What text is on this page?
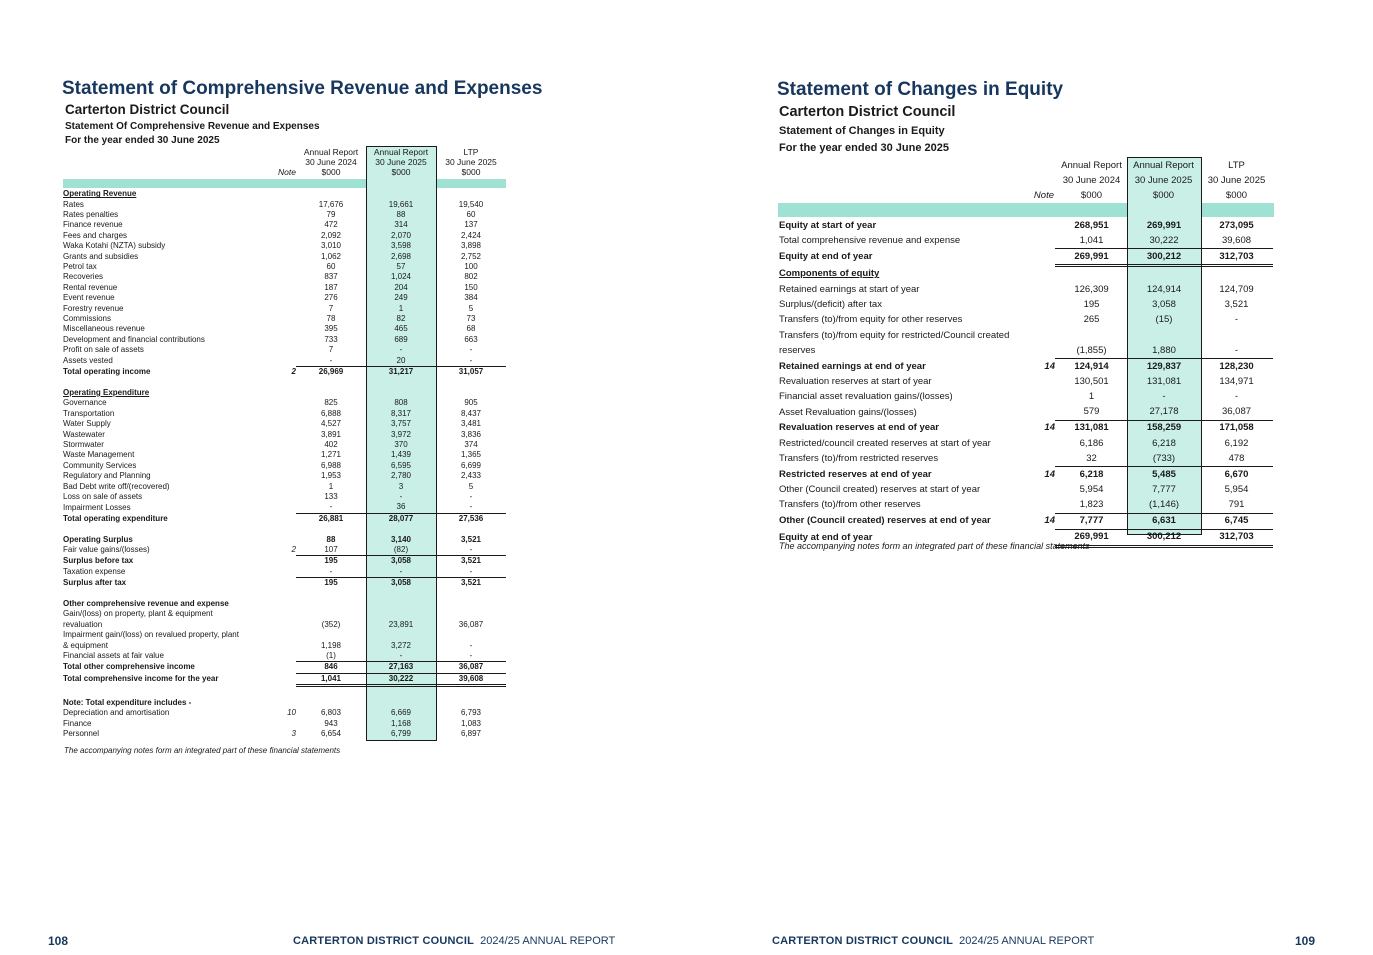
Statement of Comprehensive Revenue and Expenses
Carterton District Council
Statement Of Comprehensive Revenue and Expenses
For the year ended 30 June 2025
Note
Annual Report
30 June 2024
$000
Annual Report
30 June 2025
$000
LTP
30 June 2025
$000
Operating Revenue				
Rates		17,676	19,661	19,540
Rates penalties		79	88	60
Finance revenue		472	314	137
Fees and charges		2,092	2,070	2,424
Waka Kotahi (NZTA) subsidy		3,010	3,598	3,898
Grants and subsidies		1,062	2,698	2,752
Petrol tax		60	57	100
Recoveries		837	1,024	802
Rental revenue		187	204	150
Event revenue		276	249	384
Forestry revenue		7	1	5
Commissions		78	82	73
Miscellaneous revenue		395	465	68
Development and financial contributions		733	689	663
Profit on sale of assets		7	-	-
Assets vested		-	20	-
Total operating income	2	26,969	31,217	31,057

Operating Expenditure				
Governance		825	808	905
Transportation		6,888	8,317	8,437
Water Supply		4,527	3,757	3,481
Wastewater		3,891	3,972	3,836
Stormwater		402	370	374
Waste Management		1,271	1,439	1,365
Community Services		6,988	6,595	6,699
Regulatory and Planning		1,953	2,780	2,433
Bad Debt write off/(recovered)		1	3	5
Loss on sale of assets		133	-	-
Impairment Losses		-	36	-
Total operating expenditure		26,881	28,077	27,536

Operating Surplus		88	3,140	3,521
Fair value gains/(losses)	2	107	(82)	-
Surplus before tax		195	3,058	3,521
Taxation expense		-	-	-
Surplus after tax		195	3,058	3,521

Other comprehensive revenue and expense				
Gain/(loss) on property, plant & equipment				
revaluation		(352)	23,891	36,087
Impairment gain/(loss) on revalued property, plant				
& equipment		1,198	3,272	-
Financial assets at fair value		(1)	-	-
Total other comprehensive income		846	27,163	36,087
Total comprehensive income for the year		1,041	30,222	39,608

Note: Total expenditure includes -				
Depreciation and amortisation	10	6,803	6,669	6,793
Finance		943	1,168	1,083
Personnel	3	6,654	6,799	6,897
The accompanying notes form an integrated part of these financial statements
108	CARTERTON DISTRICT COUNCIL 2024/25 ANNUAL REPORT
Statement of Changes in Equity
Carterton District Council
Statement of Changes in Equity
For the year ended 30 June 2025
Note
Annual Report
30 June 2024
$000
Annual Report
30 June 2025
$000
LTP
30 June 2025
$000
Equity at start of year		268,951	269,991	273,095
Total comprehensive revenue and expense		1,041	30,222	39,608
Equity at end of year		269,991	300,212	312,703
Components of equity				
Retained earnings at start of year		126,309	124,914	124,709
Surplus/(deficit) after tax		195	3,058	3,521
Transfers (to)/from equity for other reserves		265	(15)	-
Transfers (to)/from equity for restricted/Council created				
reserves		(1,855)	1,880	-
Retained earnings at end of year	14	124,914	129,837	128,230
Revaluation reserves at start of year		130,501	131,081	134,971
Financial asset revaluation gains/(losses)		1	-	-
Asset Revaluation gains/(losses)		579	27,178	36,087
Revaluation reserves at end of year	14	131,081	158,259	171,058
Restricted/council created reserves at start of year		6,186	6,218	6,192
Transfers (to)/from restricted reserves		32	(733)	478
Restricted reserves at end of year	14	6,218	5,485	6,670
Other (Council created) reserves at start of year		5,954	7,777	5,954
Transfers (to)/from other reserves		1,823	(1,146)	791
Other (Council created) reserves at end of year	14	7,777	6,631	6,745
Equity at end of year		269,991	300,212	312,703
The accompanying notes form an integrated part of these financial statements
109
CARTERTON DISTRICT COUNCIL 2024/25 ANNUAL REPORT
